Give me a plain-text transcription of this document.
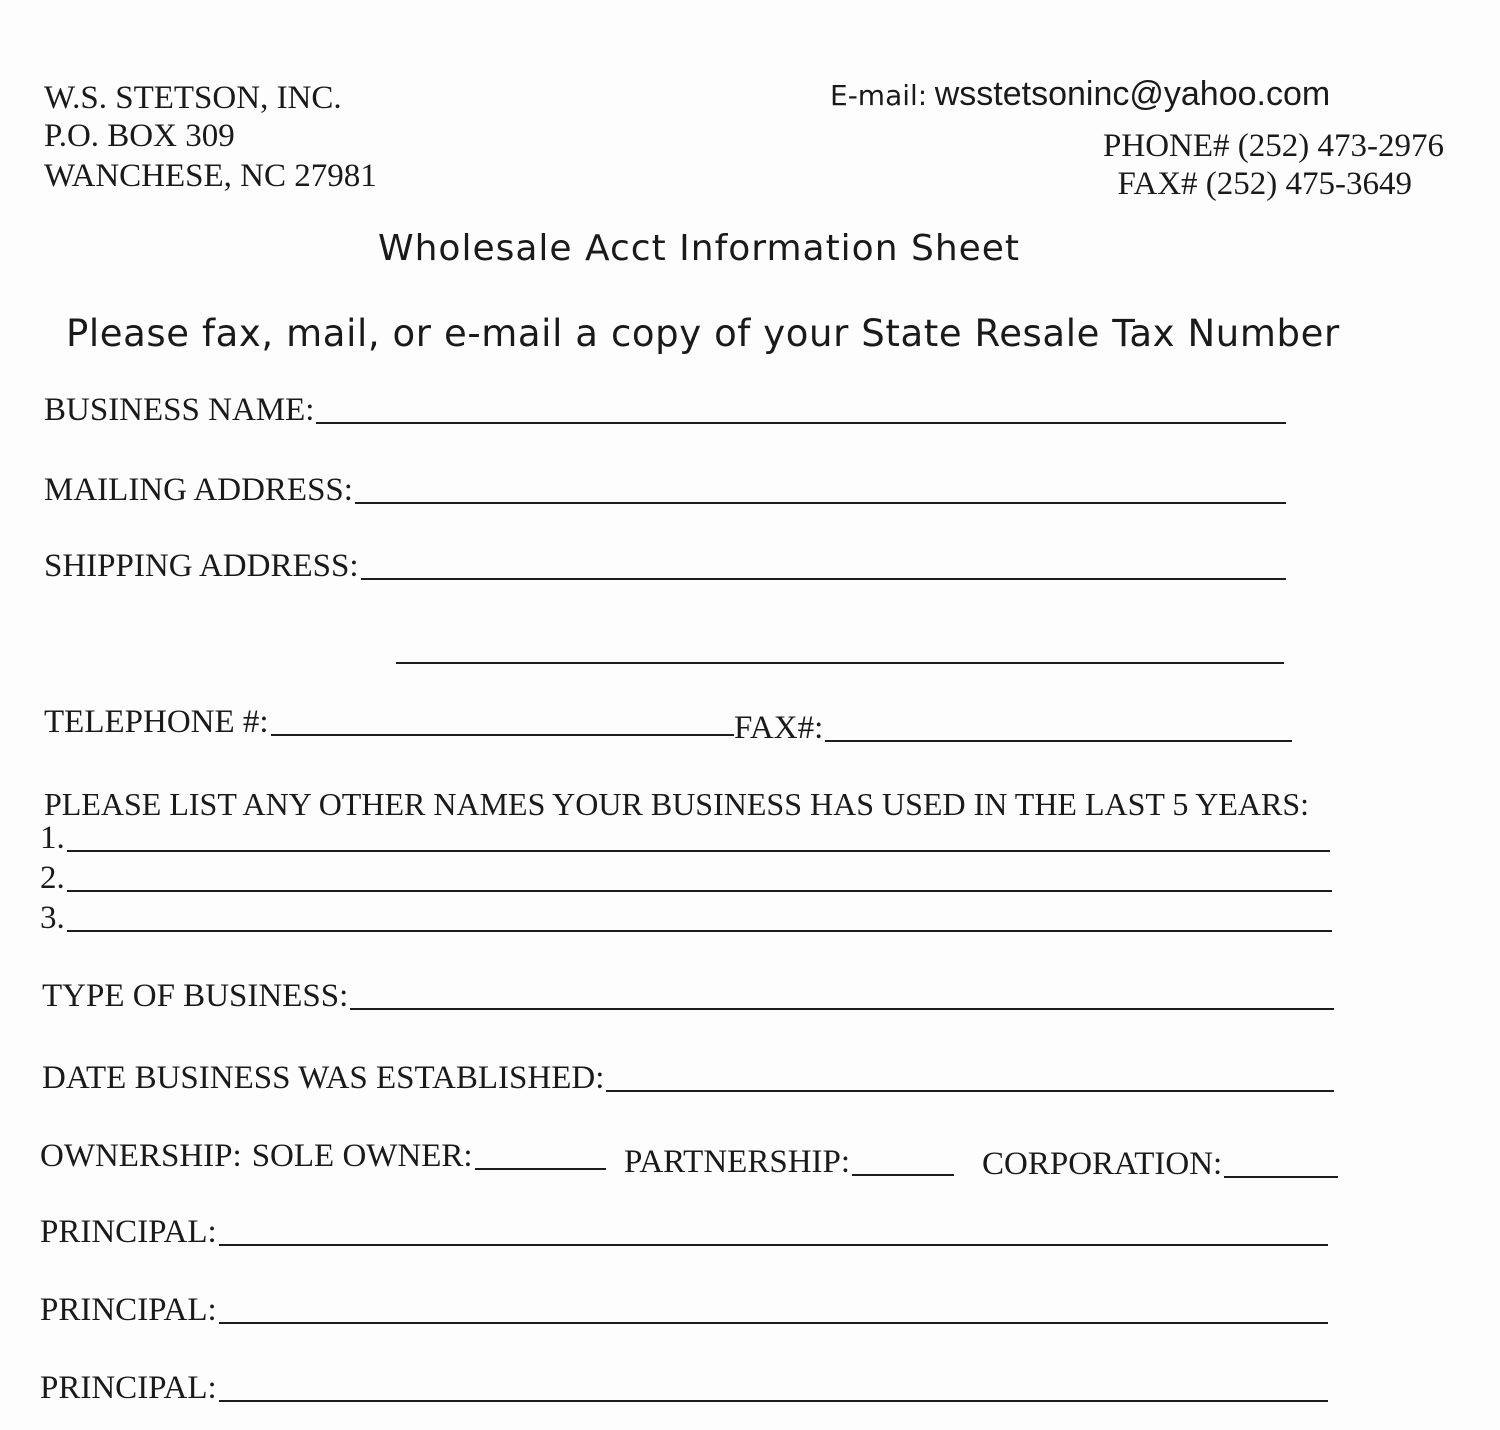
W.S. STETSON, INC.
P.O. BOX 309
WANCHESE, NC 27981
E-mail: wsstetsoninc@yahoo.com
PHONE# (252) 473-2976
FAX# (252) 475-3649
Wholesale Acct Information Sheet
Please fax, mail, or e-mail a copy of your State Resale Tax Number
BUSINESS NAME:
MAILING ADDRESS:
SHIPPING ADDRESS:
TELEPHONE #:	FAX#:
PLEASE LIST ANY OTHER NAMES YOUR BUSINESS HAS USED IN THE LAST 5 YEARS:
1.
2.
3.
TYPE OF BUSINESS:
DATE BUSINESS WAS ESTABLISHED:
OWNERSHIP: SOLE OWNER:	PARTNERSHIP:	CORPORATION:
PRINCIPAL:
PRINCIPAL:
PRINCIPAL:
